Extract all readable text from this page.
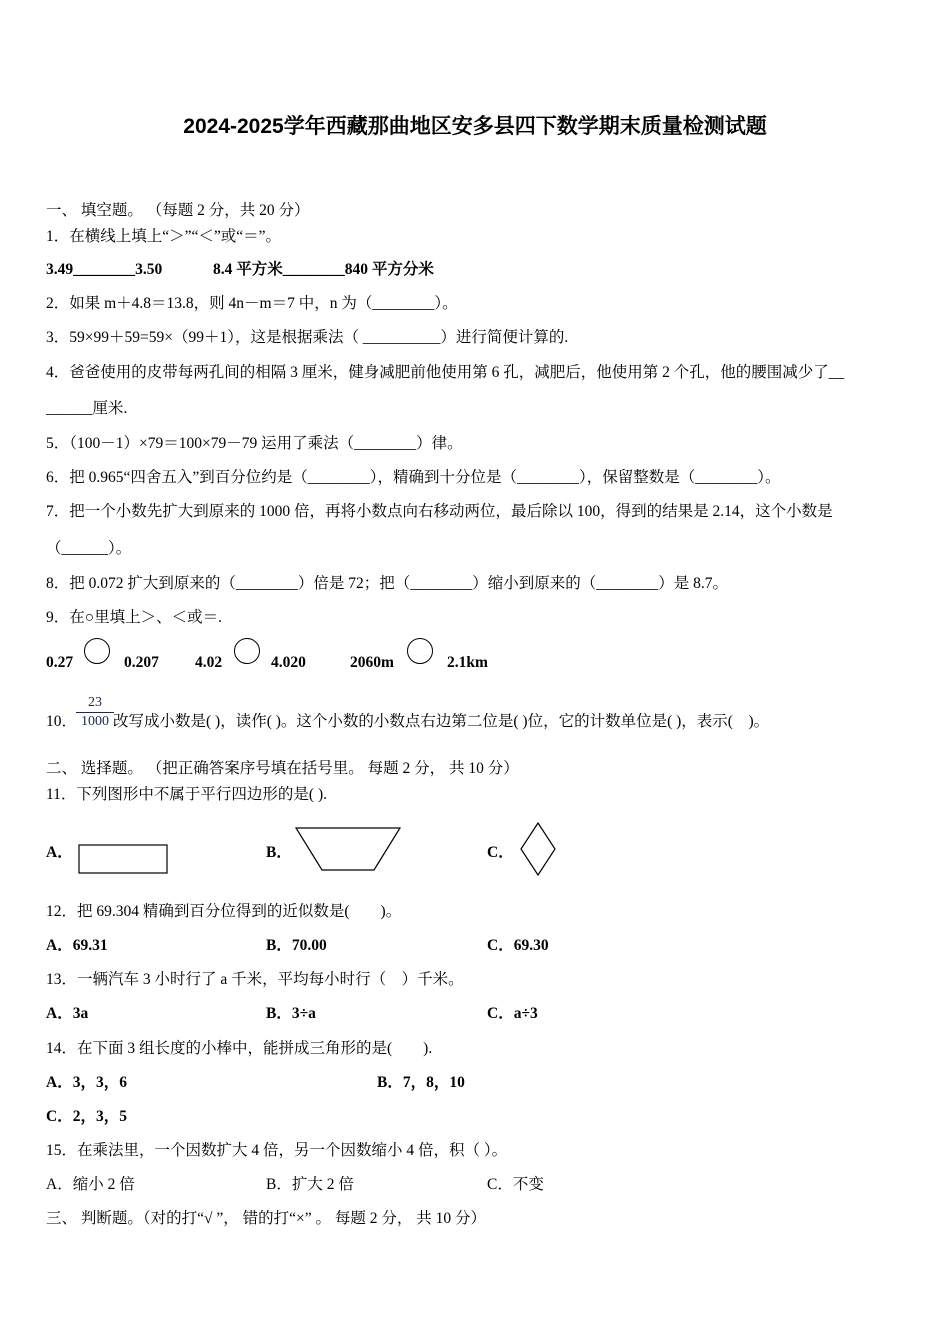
2024-2025学年西藏那曲地区安多县四下数学期末质量检测试题
一、 填空题。 （每题 2 分，共 20 分）
1．在横线上填上“＞”“＜”或“＝”。
3.49________3.50	8.4 平方米________840 平方分米
2．如果 m＋4.8＝13.8，则 4n－m＝7 中，n 为（________）。
3．59×99＋59=59×（99＋1），这是根据乘法（ __________）进行简便计算的.
4．爸爸使用的皮带每两孔间的相隔 3 厘米，健身减肥前他使用第 6 孔，减肥后，他使用第 2 个孔，他的腰围减少了__
______厘米.
5．（100－1）×79＝100×79－79 运用了乘法（________）律。
6．把 0.965“四舍五入”到百分位约是（________），精确到十分位是（________），保留整数是（________）。
7．把一个小数先扩大到原来的 1000 倍，再将小数点向右移动两位，最后除以 100，得到的结果是 2.14，这个小数是
（______）。
8．把 0.072 扩大到原来的（________）倍是 72；把（________）缩小到原来的（________）是 8.7。
9．在○里填上＞、＜或＝.
0.27	0.207 4.02	4.020	2060m	2.1km
10．
$\frac{23}{1000}$ 改写成小数是( )，读作( )。这个小数的小数点右边第二位是( )位，它的计数单位是( )，表示(　)。
二、 选择题。 （把正确答案序号填在括号里。 每题 2 分， 共 10 分）
11．下列图形中不属于平行四边形的是( ).
A．	B．	C．
12．把 69.304 精确到百分位得到的近似数是(　　)。
A．69.31	B．70.00	C．69.30
13．一辆汽车 3 小时行了 a 千米，平均每小时行（　）千米。
A．3a	B．3÷a	C．a÷3
14．在下面 3 组长度的小棒中，能拼成三角形的是(　　).
A．3，3，6	B．7，8，10
C．2，3，5
15．在乘法里，一个因数扩大 4 倍，另一个因数缩小 4 倍，积（ ）。
A．缩小 2 倍	B．扩大 2 倍	C．不变
三、 判断题。（对的打“√ ”， 错的打“×” 。 每题 2 分， 共 10 分）
